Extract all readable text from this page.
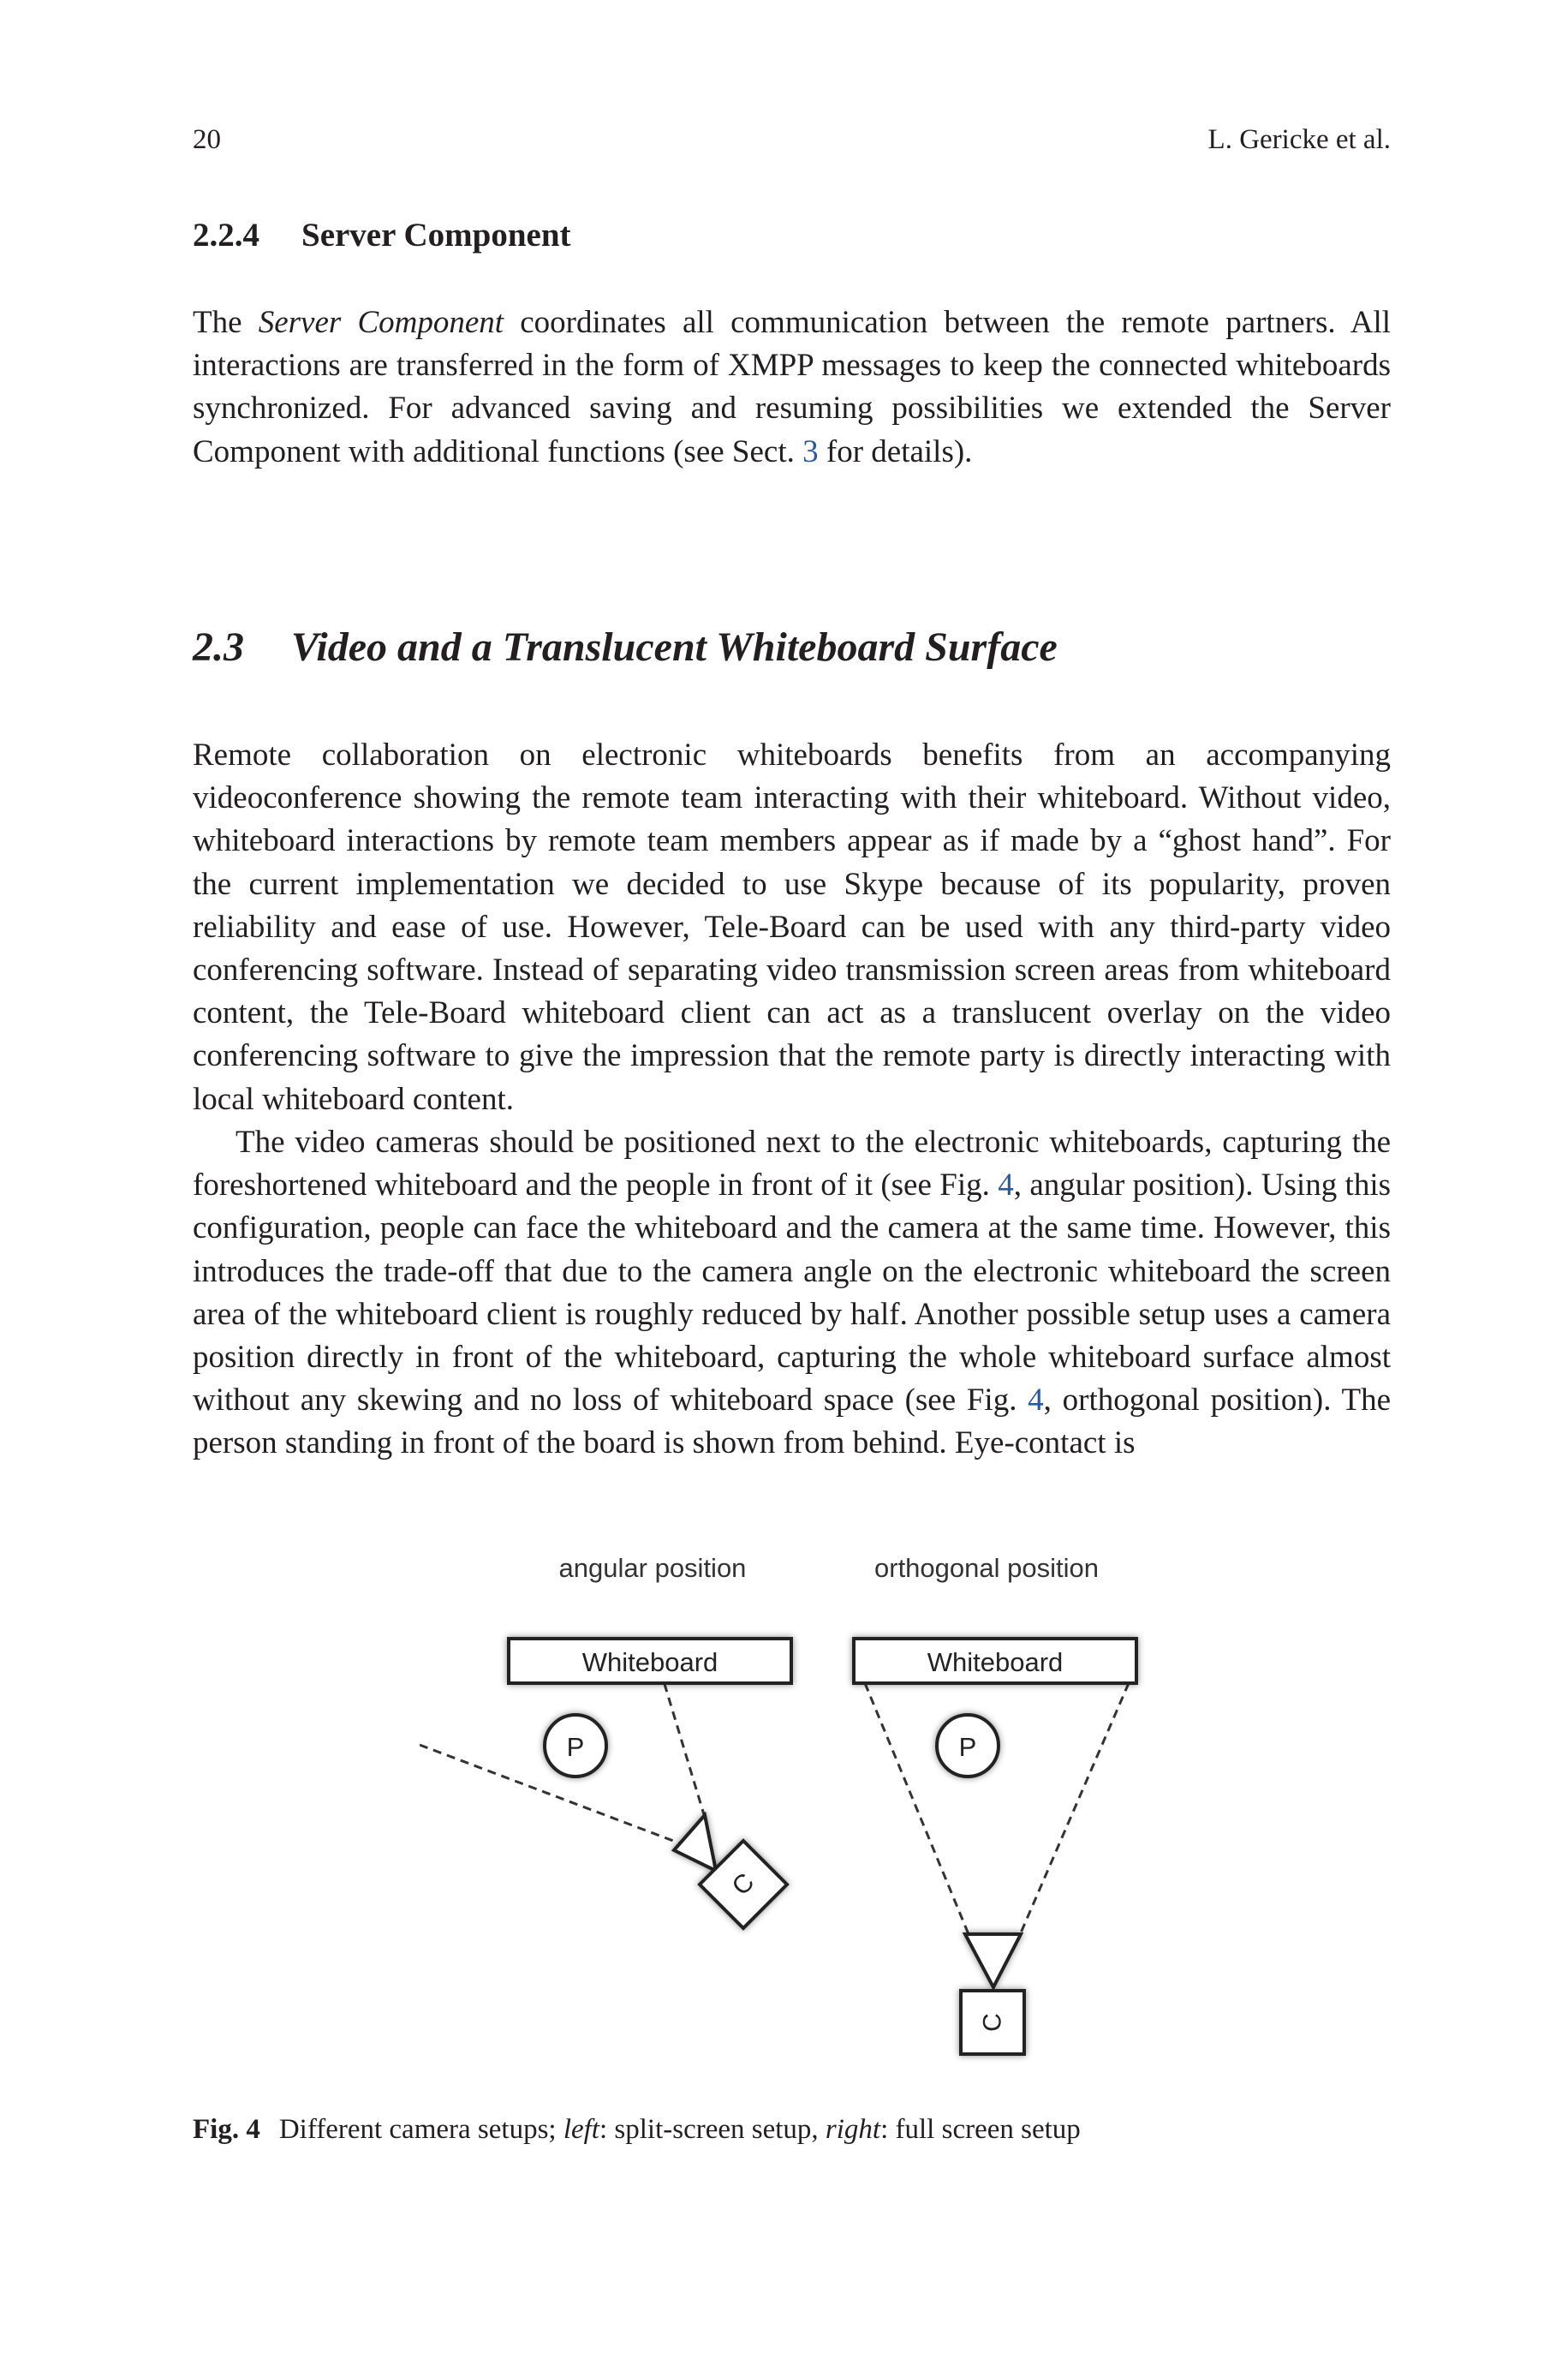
20	L. Gericke et al.
2.2.4 Server Component

The Server Component coordinates all communication between the remote partners. All interactions are transferred in the form of XMPP messages to keep the connected whiteboards synchronized. For advanced saving and resuming possibilities we extended the Server Component with additional functions (see Sect. 3 for details).

2.3 Video and a Translucent Whiteboard Surface

Remote collaboration on electronic whiteboards benefits from an accompanying videoconference showing the remote team interacting with their whiteboard. Without video, whiteboard interactions by remote team members appear as if made by a “ghost hand”. For the current implementation we decided to use Skype because of its popularity, proven reliability and ease of use. However, Tele-Board can be used with any third-party video conferencing software. Instead of separating video transmission screen areas from whiteboard content, the Tele-Board whiteboard client can act as a translucent overlay on the video conferencing software to give the impression that the remote party is directly interacting with local whiteboard content.

The video cameras should be positioned next to the electronic whiteboards, capturing the foreshortened whiteboard and the people in front of it (see Fig. 4, angular position). Using this configuration, people can face the whiteboard and the camera at the same time. However, this introduces the trade-off that due to the camera angle on the electronic whiteboard the screen area of the whiteboard client is roughly reduced by half. Another possible setup uses a camera position directly in front of the whiteboard, capturing the whole whiteboard surface almost without any skewing and no loss of whiteboard space (see Fig. 4, orthogonal position). The person standing in front of the board is shown from behind. Eye-contact is

angular position	orthogonal position
Whiteboard
P
C
Whiteboard
P
C
Fig. 4 Different camera setups; left: split-screen setup, right: full screen setup
